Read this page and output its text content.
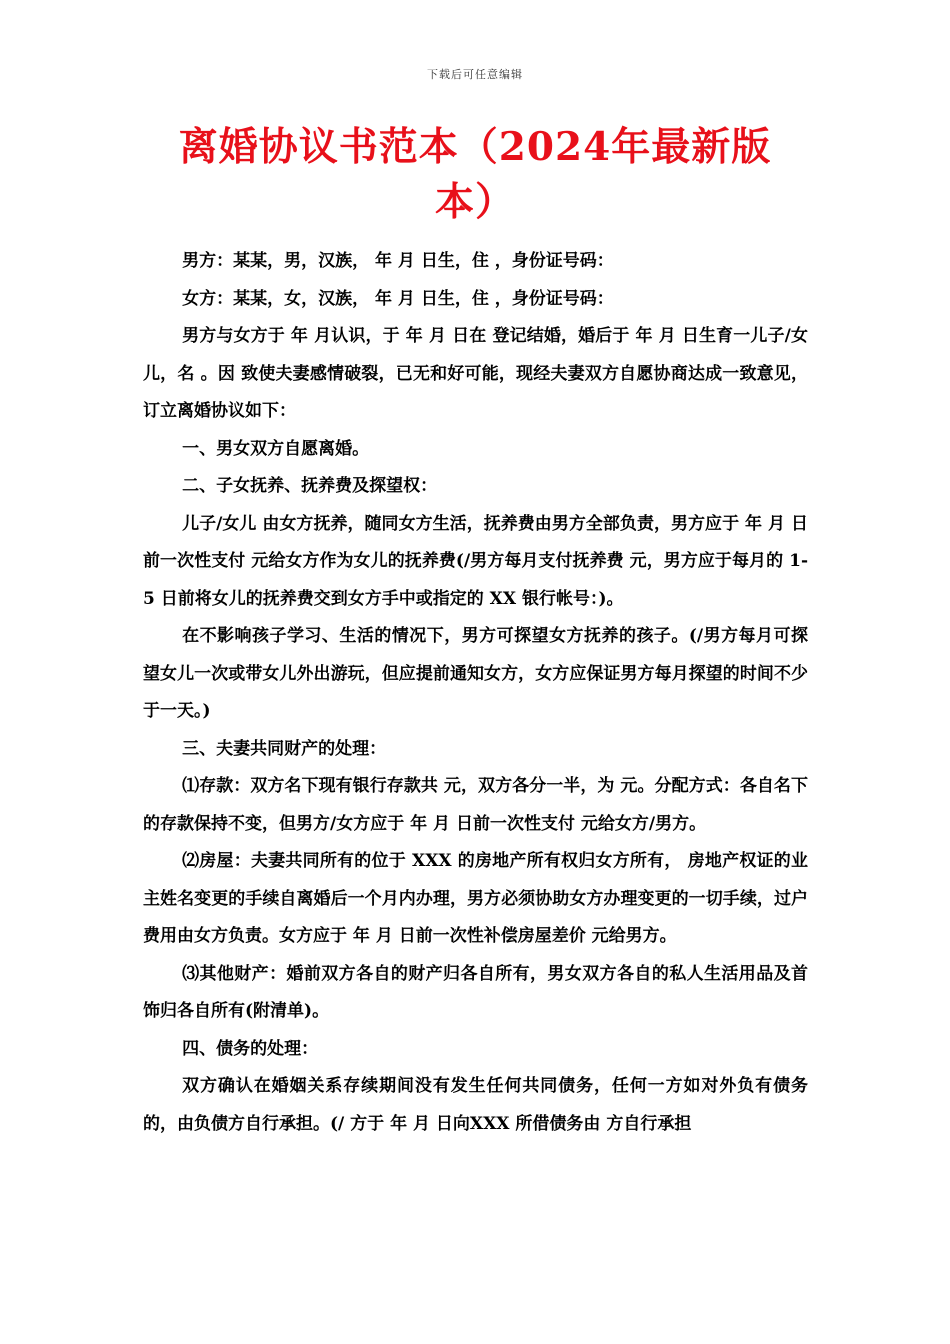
下载后可任意编辑
离婚协议书范本（2024年最新版本）

男方：某某，男，汉族， 年 月 日生，住 ，身份证号码：

女方：某某，女，汉族， 年 月 日生，住 ，身份证号码：

男方与女方于 年 月认识，于 年 月 日在 登记结婚，婚后于 年 月 日生育一儿子/女儿，名 。因 致使夫妻感情破裂，已无和好可能，现经夫妻双方自愿协商达成一致意见，订立离婚协议如下：

一、男女双方自愿离婚。

二、子女抚养、抚养费及探望权：

儿子/女儿 由女方抚养，随同女方生活，抚养费由男方全部负责，男方应于 年 月 日前一次性支付 元给女方作为女儿的抚养费(/男方每月支付抚养费 元，男方应于每月的 1-5 日前将女儿的抚养费交到女方手中或指定的 XX 银行帐号：)。

在不影响孩子学习、生活的情况下，男方可探望女方抚养的孩子。(/男方每月可探望女儿一次或带女儿外出游玩，但应提前通知女方，女方应保证男方每月探望的时间不少于一天。)

三、夫妻共同财产的处理：

⑴存款：双方名下现有银行存款共 元，双方各分一半，为 元。分配方式：各自名下的存款保持不变，但男方/女方应于 年 月 日前一次性支付 元给女方/男方。

⑵房屋：夫妻共同所有的位于 XXX 的房地产所有权归女方所有， 房地产权证的业主姓名变更的手续自离婚后一个月内办理，男方必须协助女方办理变更的一切手续，过户费用由女方负责。女方应于 年 月 日前一次性补偿房屋差价 元给男方。

⑶其他财产：婚前双方各自的财产归各自所有，男女双方各自的私人生活用品及首饰归各自所有(附清单)。

四、债务的处理：

双方确认在婚姻关系存续期间没有发生任何共同债务，任何一方如对外负有债务的，由负债方自行承担。(/ 方于 年 月 日向XXX 所借债务由 方自行承担
